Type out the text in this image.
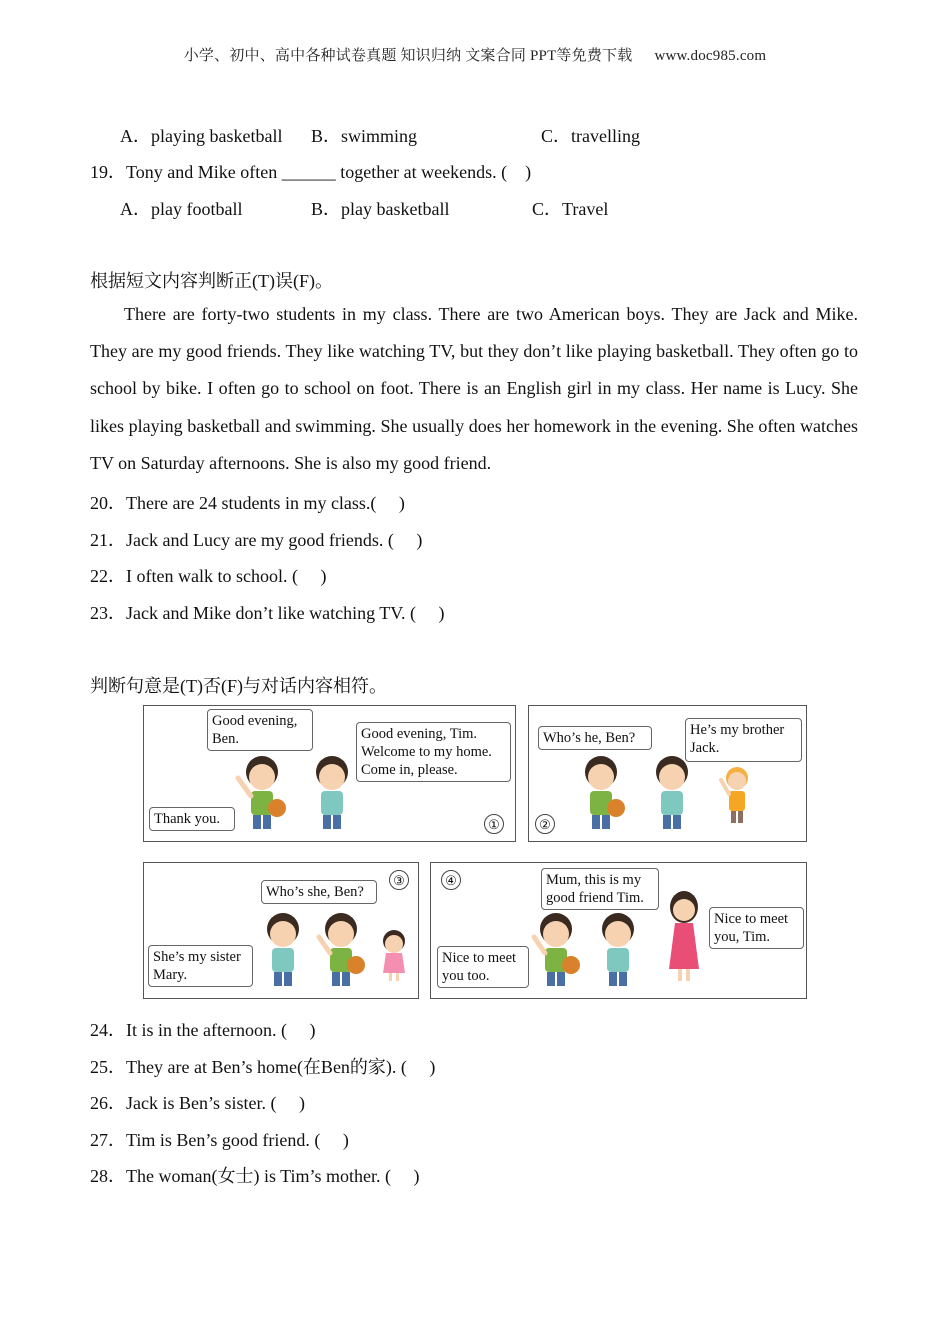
小学、初中、高中各种试卷真题 知识归纳 文案合同 PPT等免费下载 www.doc985.com
A．playing basketball B．swimming	C．travelling
19．Tony and Mike often ______ together at weekends. (　)
A．play football	B．play basketball	C．Travel
根据短文内容判断正(T)误(F)。
There are forty-two students in my class. There are two American boys. They are Jack and Mike. They are my good friends. They like watching TV, but they don’t like playing basketball. They often go to school by bike. I often go to school on foot. There is an English girl in my class. Her name is Lucy. She likes playing basketball and swimming. She usually does her homework in the evening. She often watches TV on Saturday afternoons. She is also my good friend.
20．There are 24 students in my class.(　 )
21．Jack and Lucy are my good friends. (　 )
22．I often walk to school. (　 )
23．Jack and Mike don’t like watching TV. (　 )
判断句意是(T)否(F)与对话内容相符。
Good evening,
Ben.	Good evening, Tim.
Welcome to my home.
Come in, please.
Thank you.	①
Who’s he, Ben?	He’s my brother
Jack.
②
Who’s she, Ben?
She’s my sister
Mary.
③	④	Mum, this is my
good friend Tim.
Nice to meet
you, Tim.
Nice to meet
you too.
24．It is in the afternoon. (　 )
25．They are at Ben’s home(在Ben的家). (　 )
26．Jack is Ben’s sister. (　 )
27．Tim is Ben’s good friend. (　 )
28．The woman(女士) is Tim’s mother. (　 )
